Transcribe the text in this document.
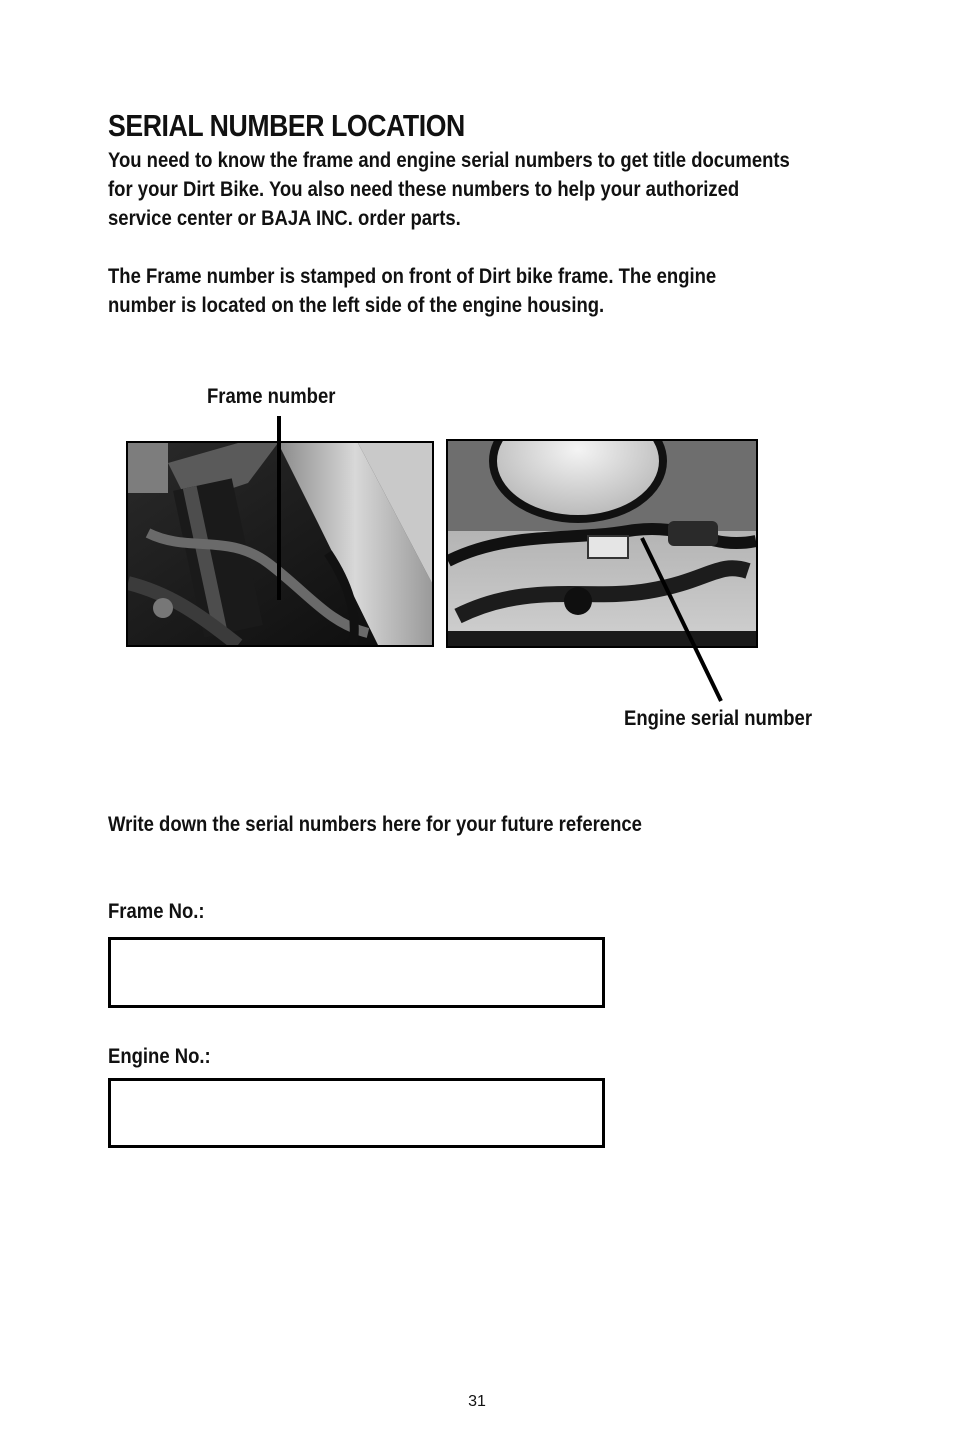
SERIAL NUMBER LOCATION

You need to know the frame and engine serial numbers to get title documents

for your Dirt Bike. You also need these numbers to help your authorized

service center or BAJA INC. order parts.

The Frame number is stamped on front of Dirt bike frame. The engine

number is located on the left side of the engine housing.

Frame number
Engine serial number
Write down the serial numbers here for your future reference
Frame No.:
Engine No.:
31
